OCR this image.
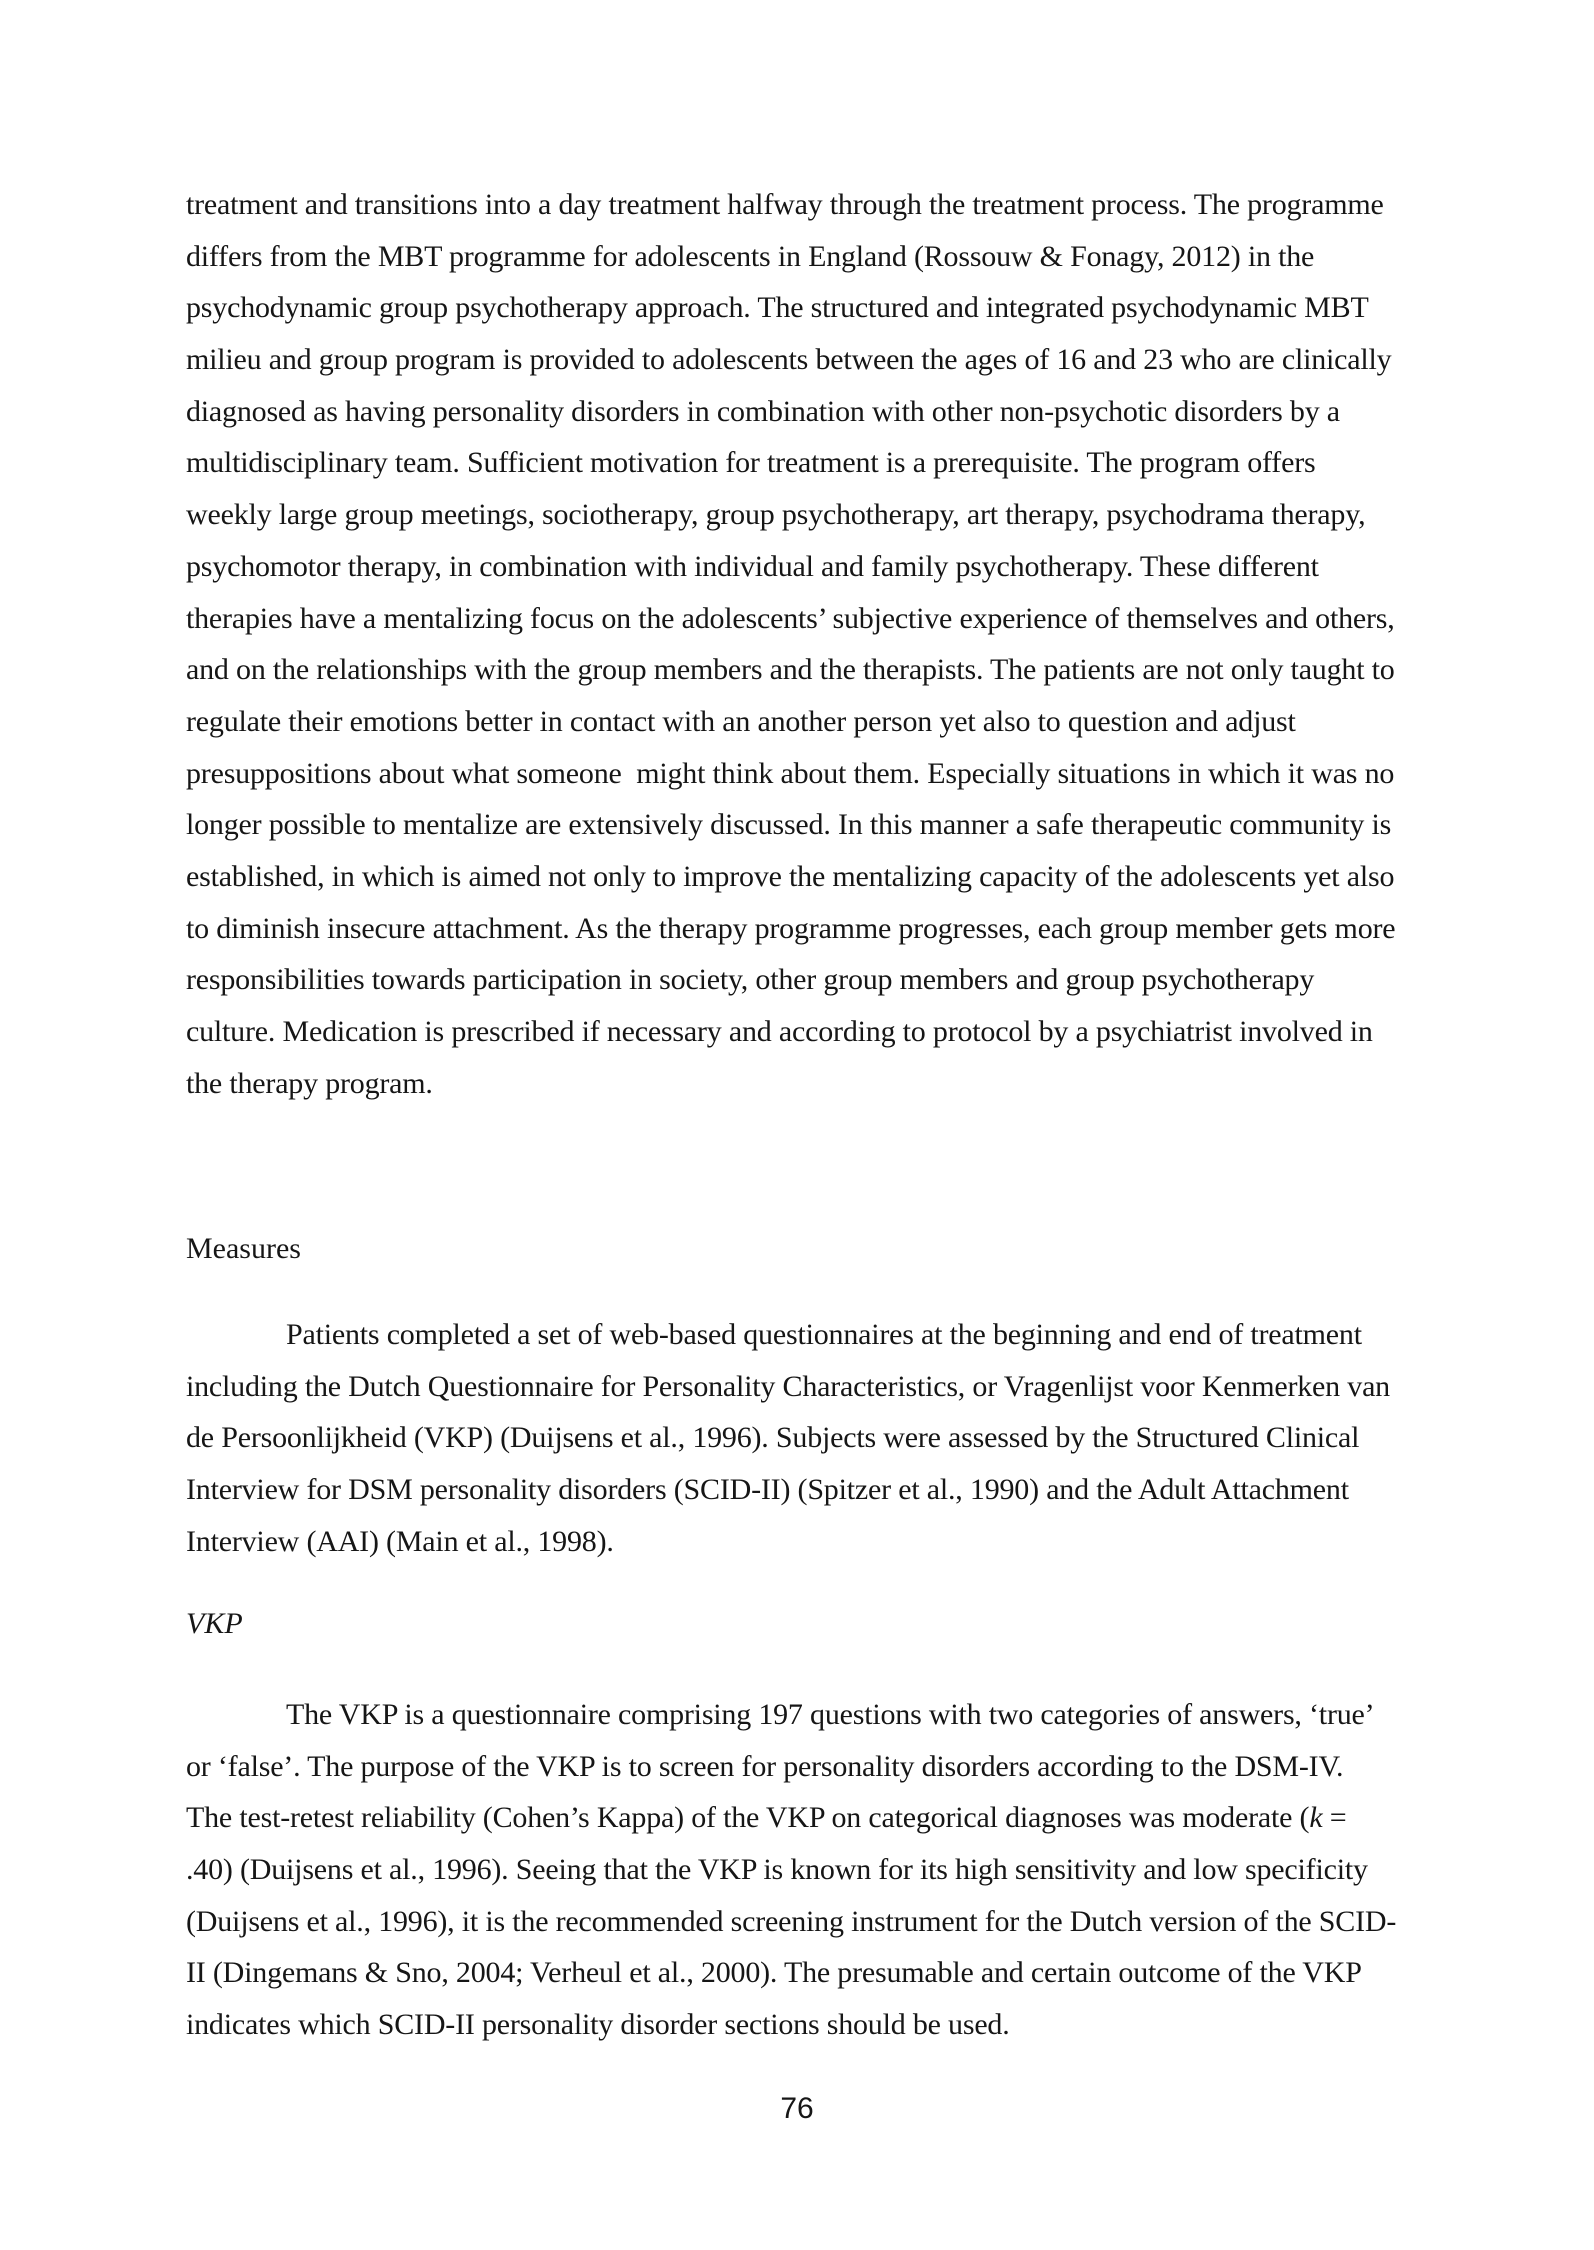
treatment and transitions into a day treatment halfway through the treatment process. The programme
differs from the MBT programme for adolescents in England (Rossouw & Fonagy, 2012) in the
psychodynamic group psychotherapy approach. The structured and integrated psychodynamic MBT
milieu and group program is provided to adolescents between the ages of 16 and 23 who are clinically
diagnosed as having personality disorders in combination with other non-psychotic disorders by a
multidisciplinary team. Sufficient motivation for treatment is a prerequisite. The program offers
weekly large group meetings, sociotherapy, group psychotherapy, art therapy, psychodrama therapy,
psychomotor therapy, in combination with individual and family psychotherapy. These different
therapies have a mentalizing focus on the adolescents’ subjective experience of themselves and others,
and on the relationships with the group members and the therapists. The patients are not only taught to
regulate their emotions better in contact with an another person yet also to question and adjust
presuppositions about what someone  might think about them. Especially situations in which it was no
longer possible to mentalize are extensively discussed. In this manner a safe therapeutic community is
established, in which is aimed not only to improve the mentalizing capacity of the adolescents yet also
to diminish insecure attachment. As the therapy programme progresses, each group member gets more
responsibilities towards participation in society, other group members and group psychotherapy
culture. Medication is prescribed if necessary and according to protocol by a psychiatrist involved in
the therapy program.
Measures
Patients completed a set of web-based questionnaires at the beginning and end of treatment
including the Dutch Questionnaire for Personality Characteristics, or Vragenlijst voor Kenmerken van
de Persoonlijkheid (VKP) (Duijsens et al., 1996). Subjects were assessed by the Structured Clinical
Interview for DSM personality disorders (SCID-II) (Spitzer et al., 1990) and the Adult Attachment
Interview (AAI) (Main et al., 1998).
VKP
The VKP is a questionnaire comprising 197 questions with two categories of answers, ‘true’
or ‘false’. The purpose of the VKP is to screen for personality disorders according to the DSM-IV.
The test-retest reliability (Cohen’s Kappa) of the VKP on categorical diagnoses was moderate (k =
.40) (Duijsens et al., 1996). Seeing that the VKP is known for its high sensitivity and low specificity
(Duijsens et al., 1996), it is the recommended screening instrument for the Dutch version of the SCID-
II (Dingemans & Sno, 2004; Verheul et al., 2000). The presumable and certain outcome of the VKP
indicates which SCID-II personality disorder sections should be used.
76
